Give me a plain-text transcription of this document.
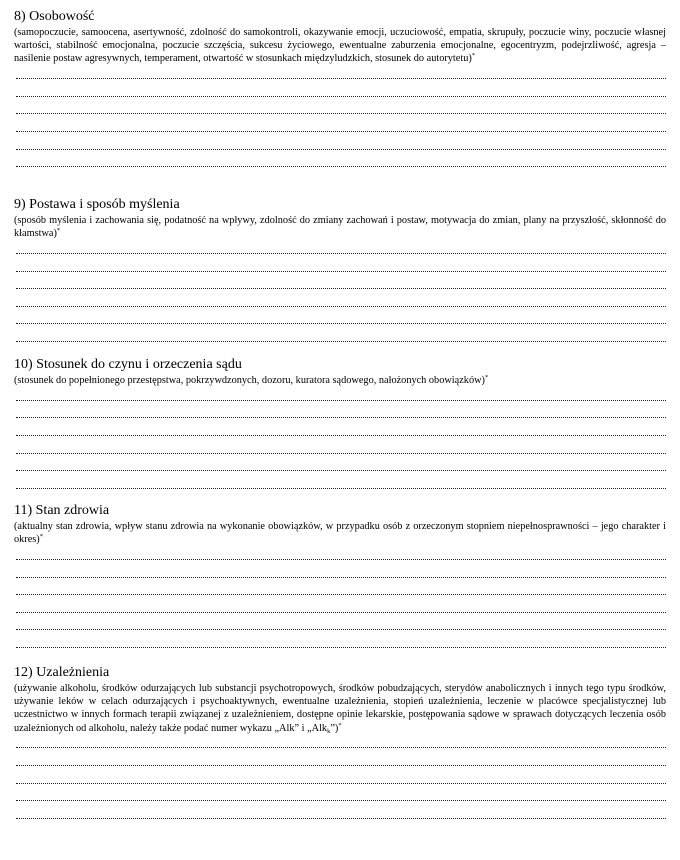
8) Osobowość

(samopoczucie, samoocena, asertywność, zdolność do samokontroli, okazywanie emocji, uczuciowość, empatia, skrupuły, poczucie winy, poczucie własnej wartości, stabilność emocjonalna, poczucie szczęścia, sukcesu życiowego, ewentualne zaburzenia emocjonalne, egocentryzm, podejrzliwość, agresja – nasilenie postaw agresywnych, temperament, otwartość w stosunkach międzyludzkich, stosunek do autorytetu)*

9) Postawa i sposób myślenia

(sposób myślenia i zachowania się, podatność na wpływy, zdolność do zmiany zachowań i postaw, motywacja do zmian, plany na przyszłość, skłonność do kłamstwa)*

10) Stosunek do czynu i orzeczenia sądu

(stosunek do popełnionego przestępstwa, pokrzywdzonych, dozoru, kuratora sądowego, nałożonych obowiązków)*

11) Stan zdrowia

(aktualny stan zdrowia, wpływ stanu zdrowia na wykonanie obowiązków, w przypadku osób z orzeczonym stopniem niepełnosprawności – jego charakter i okres)*

12) Uzależnienia

(używanie alkoholu, środków odurzających lub substancji psychotropowych, środków pobudzających, sterydów anabolicznych i innych tego typu środków, używanie leków w celach odurzających i psychoaktywnych, ewentualne uzależnienia, stopień uzależnienia, leczenie w placówce specjalistycznej lub uczestnictwo w innych formach terapii związanej z uzależnieniem, dostępne opinie lekarskie, postępowania sądowe w sprawach dotyczących leczenia osób uzależnionych od alkoholu, należy także podać numer wykazu „Alk” i „Alk$_k$”)*
